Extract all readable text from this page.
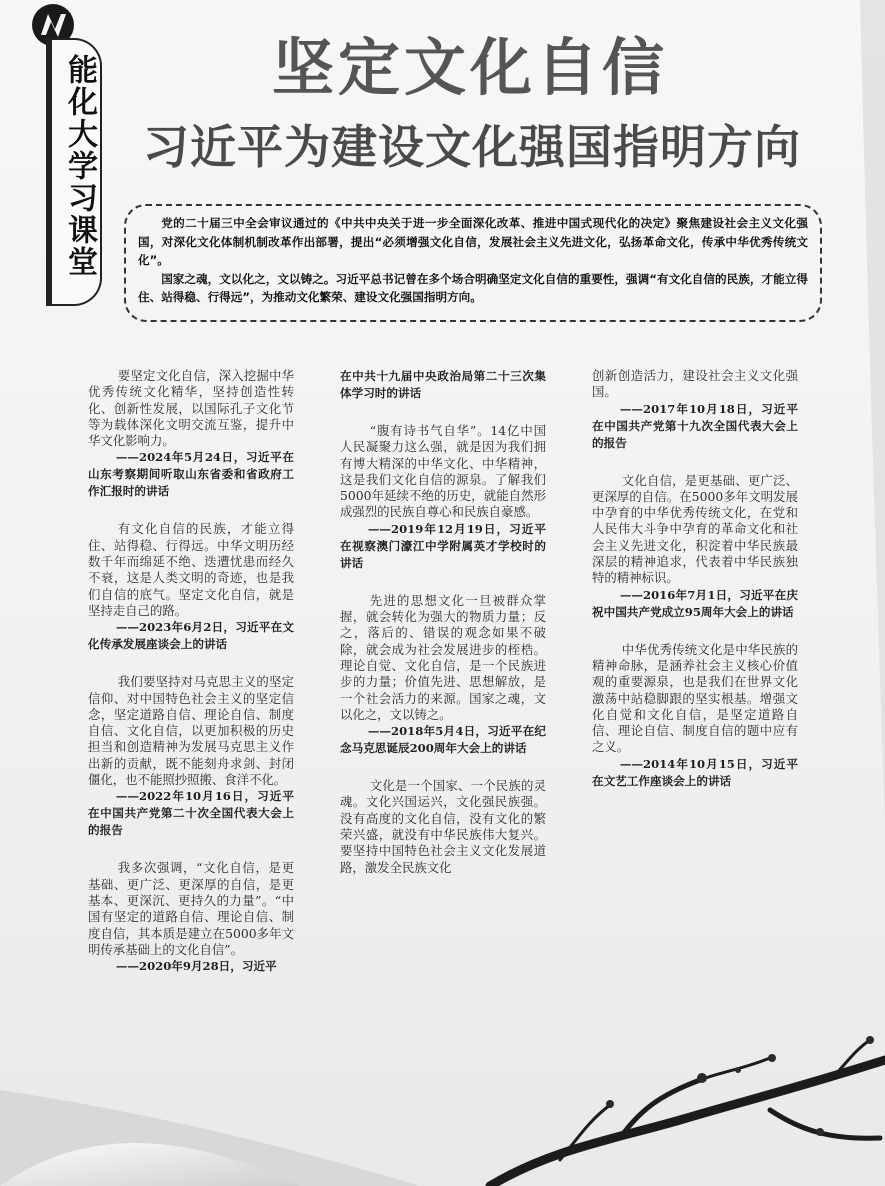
能化大学习课堂	坚定文化自信
习近平为建设文化强国指明方向

党的二十届三中全会审议通过的《中共中央关于进一步全面深化改革、推进中国式现代化的决定》聚焦建设社会主义文化强国，对深化文化体制机制改革作出部署，提出“必须增强文化自信，发展社会主义先进文化，弘扬革命文化，传承中华优秀传统文化”。

国家之魂，文以化之，文以铸之。习近平总书记曾在多个场合明确坚定文化自信的重要性，强调“有文化自信的民族，才能立得住、站得稳、行得远”，为推动文化繁荣、建设文化强国指明方向。

要坚定文化自信，深入挖掘中华优秀传统文化精华，坚持创造性转化、创新性发展，以国际孔子文化节等为载体深化文明交流互鉴，提升中华文化影响力。

——2024年5月24日，习近平在山东考察期间听取山东省委和省政府工作汇报时的讲话

有文化自信的民族，才能立得住、站得稳、行得远。中华文明历经数千年而绵延不绝、迭遭忧患而经久不衰，这是人类文明的奇迹，也是我们自信的底气。坚定文化自信，就是坚持走自己的路。

——2023年6月2日，习近平在文化传承发展座谈会上的讲话

我们要坚持对马克思主义的坚定信仰、对中国特色社会主义的坚定信念，坚定道路自信、理论自信、制度自信、文化自信，以更加积极的历史担当和创造精神为发展马克思主义作出新的贡献，既不能刻舟求剑、封闭僵化，也不能照抄照搬、食洋不化。

——2022年10月16日，习近平在中国共产党第二十次全国代表大会上的报告

我多次强调，“文化自信，是更基础、更广泛、更深厚的自信，是更基本、更深沉、更持久的力量”。“中国有坚定的道路自信、理论自信、制度自信，其本质是建立在5000多年文明传承基础上的文化自信”。

——2020年9月28日，习近平

在中共十九届中央政治局第二十三次集体学习时的讲话

“腹有诗书气自华”。14亿中国人民凝聚力这么强，就是因为我们拥有博大精深的中华文化、中华精神，这是我们文化自信的源泉。了解我们5000年延续不绝的历史，就能自然形成强烈的民族自尊心和民族自豪感。

——2019年12月19日，习近平在视察澳门濠江中学附属英才学校时的讲话

先进的思想文化一旦被群众掌握，就会转化为强大的物质力量；反之，落后的、错误的观念如果不破除，就会成为社会发展进步的桎梏。理论自觉、文化自信，是一个民族进步的力量；价值先进、思想解放，是一个社会活力的来源。国家之魂，文以化之，文以铸之。

——2018年5月4日，习近平在纪念马克思诞辰200周年大会上的讲话

文化是一个国家、一个民族的灵魂。文化兴国运兴，文化强民族强。没有高度的文化自信，没有文化的繁荣兴盛，就没有中华民族伟大复兴。要坚持中国特色社会主义文化发展道路，激发全民族文化

创新创造活力，建设社会主义文化强国。

——2017年10月18日，习近平在中国共产党第十九次全国代表大会上的报告

文化自信，是更基础、更广泛、更深厚的自信。在5000多年文明发展中孕育的中华优秀传统文化，在党和人民伟大斗争中孕育的革命文化和社会主义先进文化，积淀着中华民族最深层的精神追求，代表着中华民族独特的精神标识。

——2016年7月1日，习近平在庆祝中国共产党成立95周年大会上的讲话

中华优秀传统文化是中华民族的精神命脉，是涵养社会主义核心价值观的重要源泉，也是我们在世界文化激荡中站稳脚跟的坚实根基。增强文化自觉和文化自信，是坚定道路自信、理论自信、制度自信的题中应有之义。

——2014年10月15日，习近平在文艺工作座谈会上的讲话
